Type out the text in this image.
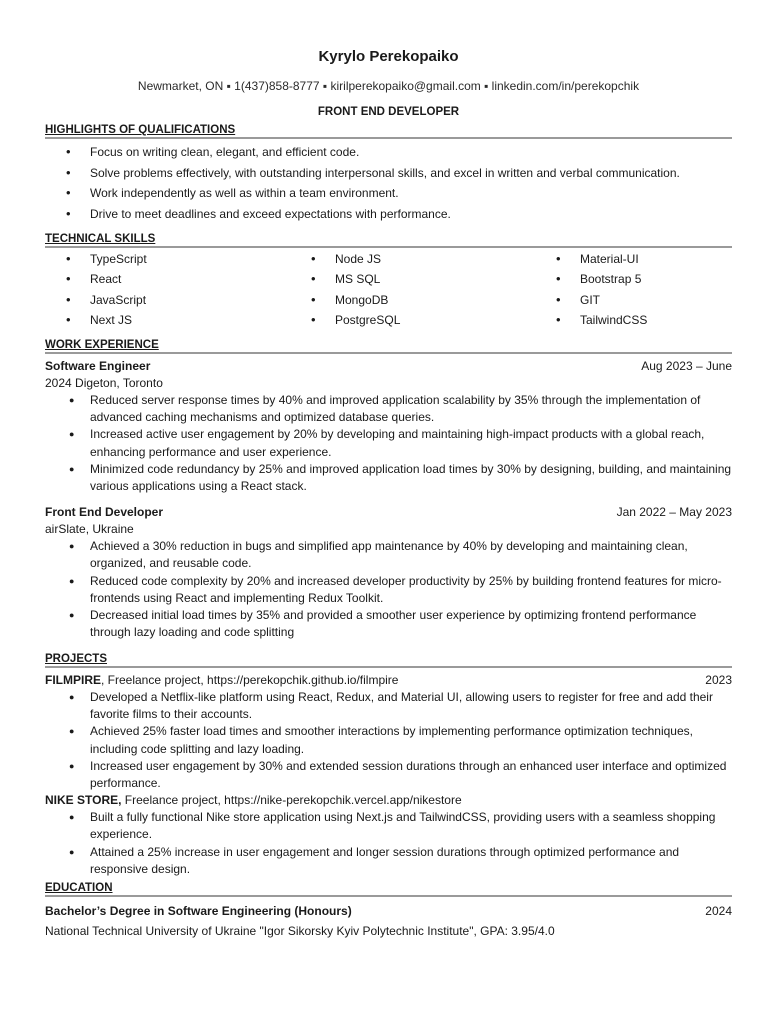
Kyrylo Perekopaiko
Newmarket, ON ▪ 1(437)858-8777 ▪ kirilperekopaiko@gmail.com ▪ linkedin.com/in/perekopchik
FRONT END DEVELOPER
HIGHLIGHTS OF QUALIFICATIONS
• Focus on writing clean, elegant, and efficient code.
• Solve problems effectively, with outstanding interpersonal skills, and excel in written and verbal communication.
• Work independently as well as within a team environment.
• Drive to meet deadlines and exceed expectations with performance.
TECHNICAL SKILLS
• TypeScript
• React
• JavaScript
• Next JS
• Node JS
• MS SQL
• MongoDB
• PostgreSQL
• Material-UI
• Bootstrap 5
• GIT
• TailwindCSS
WORK EXPERIENCE
Software Engineer	Aug 2023 – June
2024 Digeton, Toronto
● Reduced server response times by 40% and improved application scalability by 35% through the implementation of advanced caching mechanisms and optimized database queries.
● Increased active user engagement by 20% by developing and maintaining high-impact products with a global reach, enhancing performance and user experience.
● Minimized code redundancy by 25% and improved application load times by 30% by designing, building, and maintaining various applications using a React stack.
Front End Developer	Jan 2022 – May 2023
airSlate, Ukraine
● Achieved a 30% reduction in bugs and simplified app maintenance by 40% by developing and maintaining clean, organized, and reusable code.
● Reduced code complexity by 20% and increased developer productivity by 25% by building frontend features for micro-frontends using React and implementing Redux Toolkit.
● Decreased initial load times by 35% and provided a smoother user experience by optimizing frontend performance through lazy loading and code splitting
PROJECTS
FILMPIRE, Freelance project, https://perekopchik.github.io/filmpire	2023
● Developed a Netflix-like platform using React, Redux, and Material UI, allowing users to register for free and add their favorite films to their accounts.
● Achieved 25% faster load times and smoother interactions by implementing performance optimization techniques, including code splitting and lazy loading.
● Increased user engagement by 30% and extended session durations through an enhanced user interface and optimized performance.
NIKE STORE, Freelance project, https://nike-perekopchik.vercel.app/nikestore
● Built a fully functional Nike store application using Next.js and TailwindCSS, providing users with a seamless shopping experience.
● Attained a 25% increase in user engagement and longer session durations through optimized performance and responsive design.
EDUCATION
Bachelor’s Degree in Software Engineering (Honours)	2024
National Technical University of Ukraine "Igor Sikorsky Kyiv Polytechnic Institute", GPA: 3.95/4.0
